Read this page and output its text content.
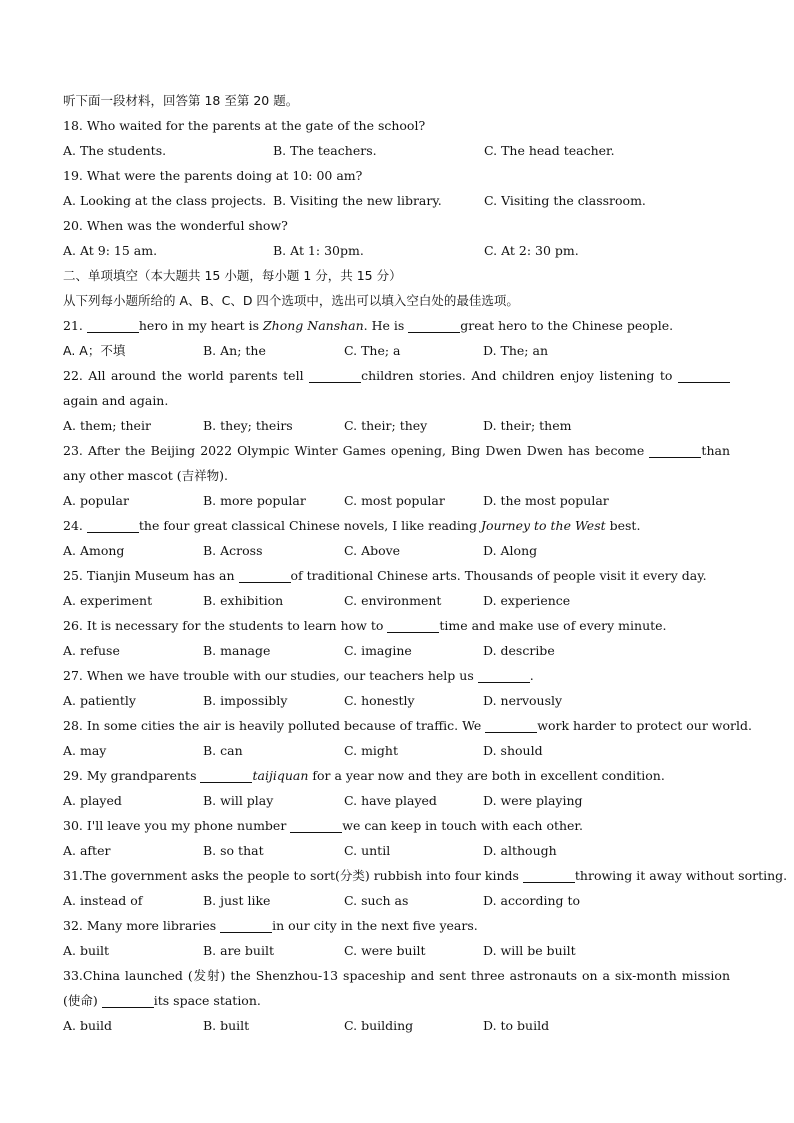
听下面一段材料，回答第 18 至第 20 题。
18. Who waited for the parents at the gate of the school?
A. The students.	B. The teachers.	C. The head teacher.
19. What were the parents doing at 10: 00 am?
A. Looking at the class projects. B. Visiting the new library.	C. Visiting the classroom.
20. When was the wonderful show?
A. At 9: 15 am.	B. At 1: 30pm.	C. At 2: 30 pm.
二、单项填空（本大题共 15 小题，每小题 1 分，共 15 分）
从下列每小题所给的 A、B、C、D 四个选项中，选出可以填入空白处的最佳选项。
21.	hero in my heart is Zhong Nanshan. He is	great hero to the Chinese people.
A. A；不填	B. An; the	C. The; a	D. The; an
22. All around the world parents tell	children stories. And children enjoy listening to again and again.
A. them; their	B. they; theirs	C. their; they	D. their; them
23. After the Beijing 2022 Olympic Winter Games opening, Bing Dwen Dwen has become	than any other mascot (吉祥物).
A. popular	B. more popular	C. most popular	D. the most popular
24.	the four great classical Chinese novels, I like reading Journey to the West best.
A. Among	B. Across	C. Above	D. Along
25. Tianjin Museum has an	of traditional Chinese arts. Thousands of people visit it every day.
A. experiment	B. exhibition	C. environment	D. experience
26. It is necessary for the students to learn how to	time and make use of every minute.
A. refuse	B. manage	C. imagine	D. describe
27. When we have trouble with our studies, our teachers help us	.
A. patiently	B. impossibly	C. honestly	D. nervously
28. In some cities the air is heavily polluted because of traffic. We	work harder to protect our world.
A. may	B. can	C. might	D. should
29. My grandparents	taijiquan for a year now and they are both in excellent condition.
A. played	B. will play	C. have played	D. were playing
30. I'll leave you my phone number	we can keep in touch with each other.
A. after	B. so that	C. until	D. although
31.The government asks the people to sort(分类) rubbish into four kinds	throwing it away without sorting.
A. instead of	B. just like	C. such as	D. according to
32. Many more libraries	in our city in the next five years.
A. built	B. are built	C. were built	D. will be built
33.China launched (发射) the Shenzhou-13 spaceship and sent three astronauts on a six-month mission (使命)	its space station.
A. build	B. built	C. building	D. to build
